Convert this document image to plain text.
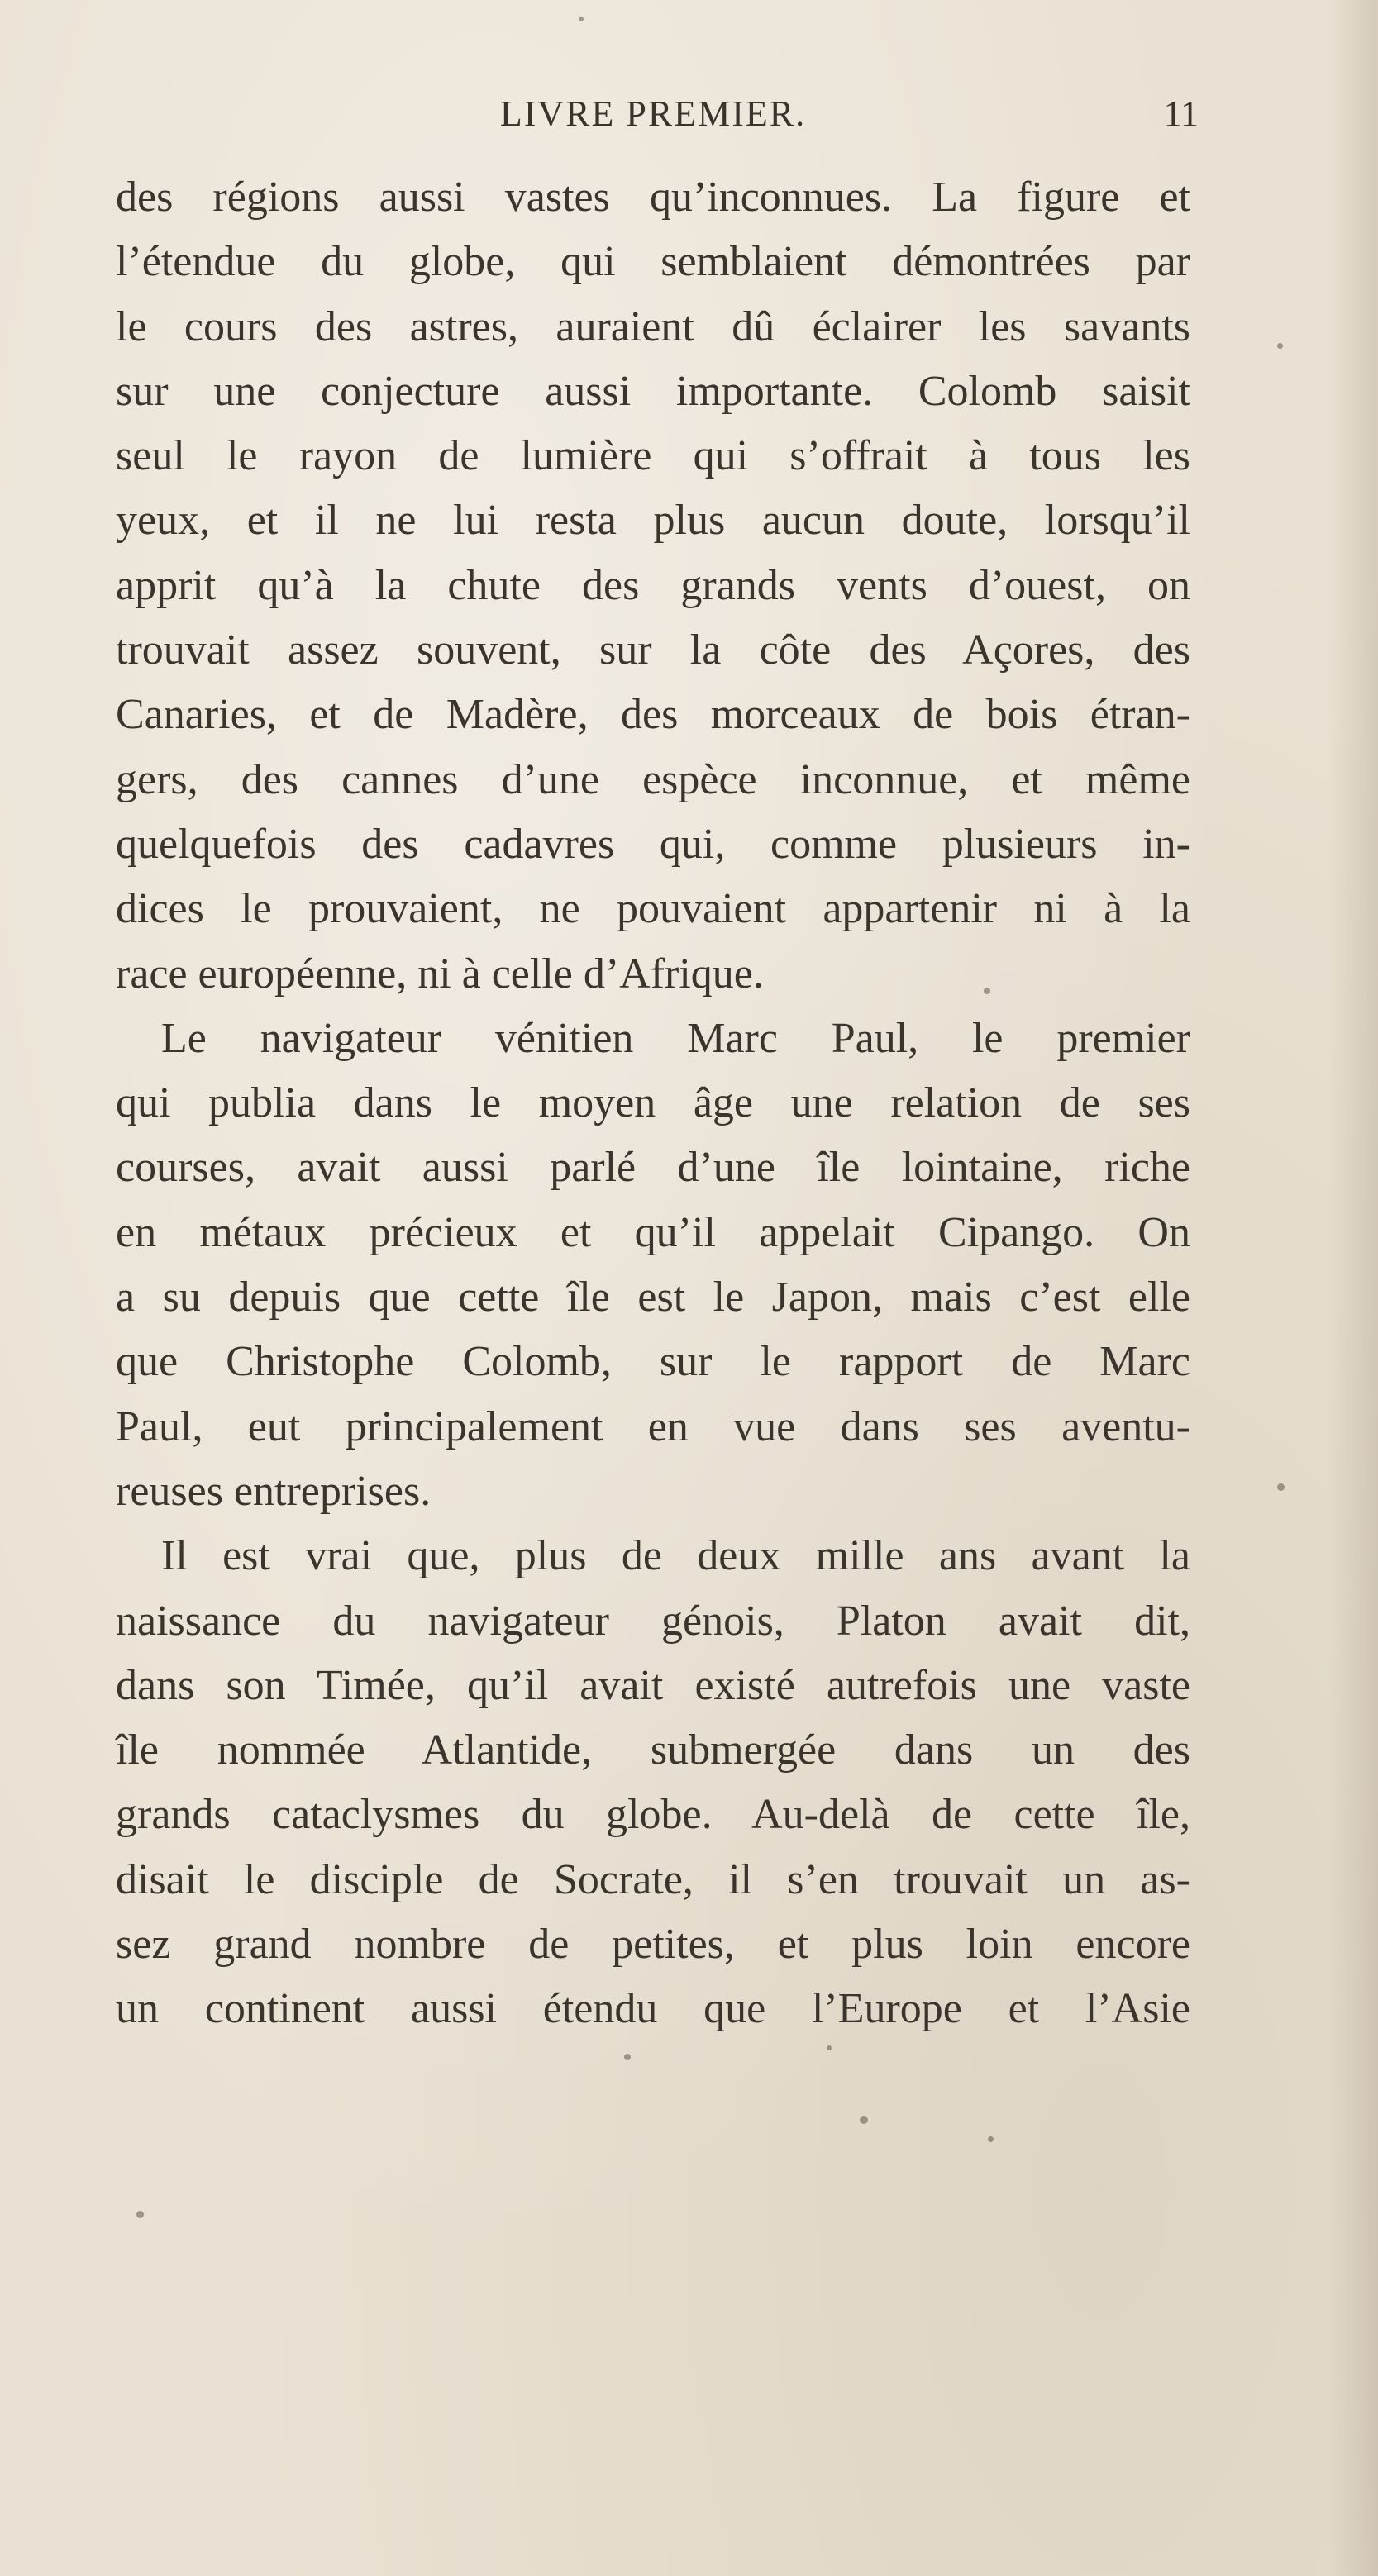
LIVRE PREMIER.	11
des régions aussi vastes qu’inconnues. La figure et
l’étendue du globe, qui semblaient démontrées par
le cours des astres, auraient dû éclairer les savants
sur une conjecture aussi importante. Colomb saisit
seul le rayon de lumière qui s’offrait à tous les
yeux, et il ne lui resta plus aucun doute, lorsqu’il
apprit qu’à la chute des grands vents d’ouest, on
trouvait assez souvent, sur la côte des Açores, des
Canaries, et de Madère, des morceaux de bois étran-
gers, des cannes d’une espèce inconnue, et même
quelquefois des cadavres qui, comme plusieurs in-
dices le prouvaient, ne pouvaient appartenir ni à la
race européenne, ni à celle d’Afrique.
Le navigateur vénitien Marc Paul, le premier
qui publia dans le moyen âge une relation de ses
courses, avait aussi parlé d’une île lointaine, riche
en métaux précieux et qu’il appelait Cipango. On
a su depuis que cette île est le Japon, mais c’est elle
que Christophe Colomb, sur le rapport de Marc
Paul, eut principalement en vue dans ses aventu-
reuses entreprises.
Il est vrai que, plus de deux mille ans avant la
naissance du navigateur génois, Platon avait dit,
dans son Timée, qu’il avait existé autrefois une vaste
île nommée Atlantide, submergée dans un des
grands cataclysmes du globe. Au-delà de cette île,
disait le disciple de Socrate, il s’en trouvait un as-
sez grand nombre de petites, et plus loin encore
un continent aussi étendu que l’Europe et l’Asie
